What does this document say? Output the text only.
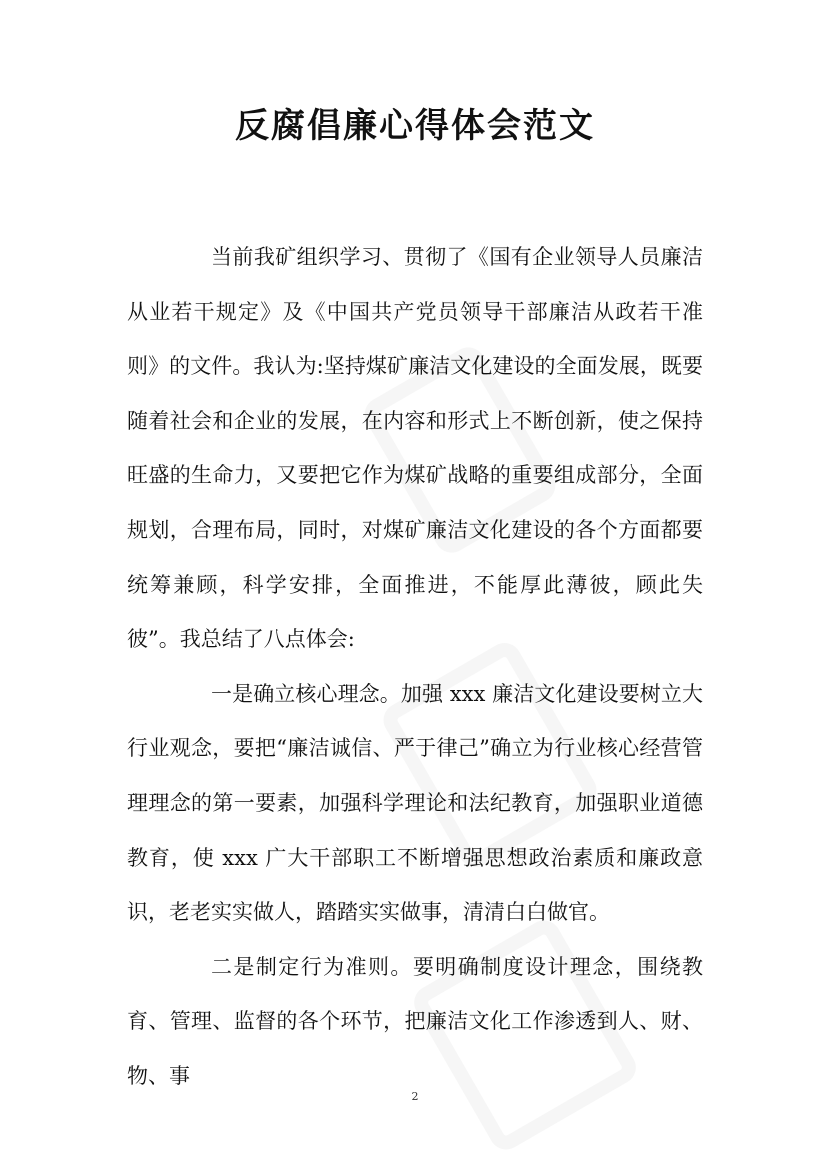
反腐倡廉心得体会范文

当前我矿组织学习、贯彻了《国有企业领导人员廉洁从业若干规定》及《中国共产党员领导干部廉洁从政若干准则》的文件。我认为:坚持煤矿廉洁文化建设的全面发展，既要随着社会和企业的发展，在内容和形式上不断创新，使之保持旺盛的生命力，又要把它作为煤矿战略的重要组成部分，全面规划，合理布局，同时，对煤矿廉洁文化建设的各个方面都要统筹兼顾，科学安排，全面推进，不能厚此薄彼，顾此失彼”。我总结了八点体会:

一是确立核心理念。加强 xxx 廉洁文化建设要树立大行业观念，要把“廉洁诚信、严于律己”确立为行业核心经营管理理念的第一要素，加强科学理论和法纪教育，加强职业道德教育，使 xxx 广大干部职工不断增强思想政治素质和廉政意识，老老实实做人，踏踏实实做事，清清白白做官。

二是制定行为准则。要明确制度设计理念，围绕教育、管理、监督的各个环节，把廉洁文化工作渗透到人、财、物、事

2
